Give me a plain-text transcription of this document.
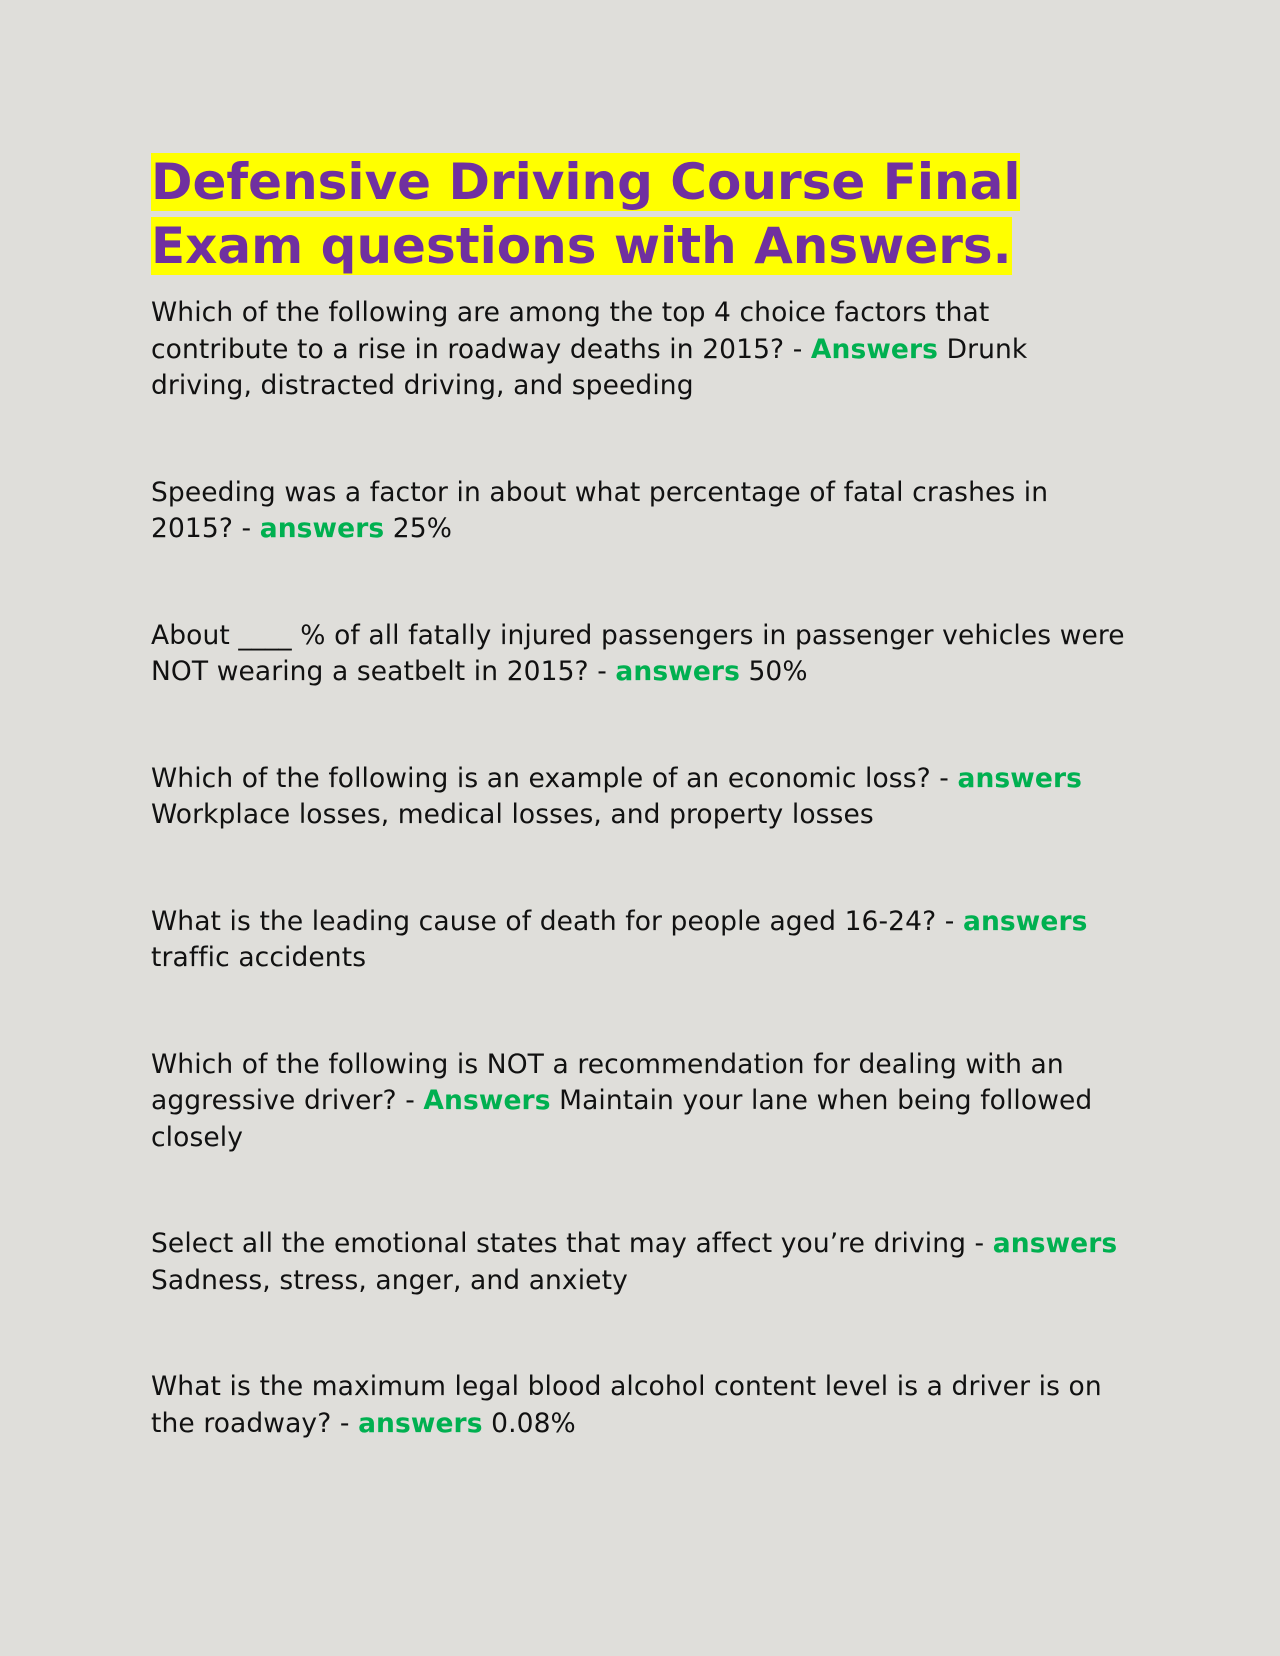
Defensive Driving Course Final Exam questions with Answers.

Which of the following are among the top 4 choice factors that contribute to a rise in roadway deaths in 2015? - Answers Drunk driving, distracted driving, and speeding

Speeding was a factor in about what percentage of fatal crashes in 2015? - answers 25%

About ____ % of all fatally injured passengers in passenger vehicles were NOT wearing a seatbelt in 2015? - answers 50%

Which of the following is an example of an economic loss? - answers Workplace losses, medical losses, and property losses

What is the leading cause of death for people aged 16-24? - answers traffic accidents

Which of the following is NOT a recommendation for dealing with an aggressive driver? - Answers Maintain your lane when being followed closely

Select all the emotional states that may affect you’re driving - answers Sadness, stress, anger, and anxiety

What is the maximum legal blood alcohol content level is a driver is on the roadway? - answers 0.08%
